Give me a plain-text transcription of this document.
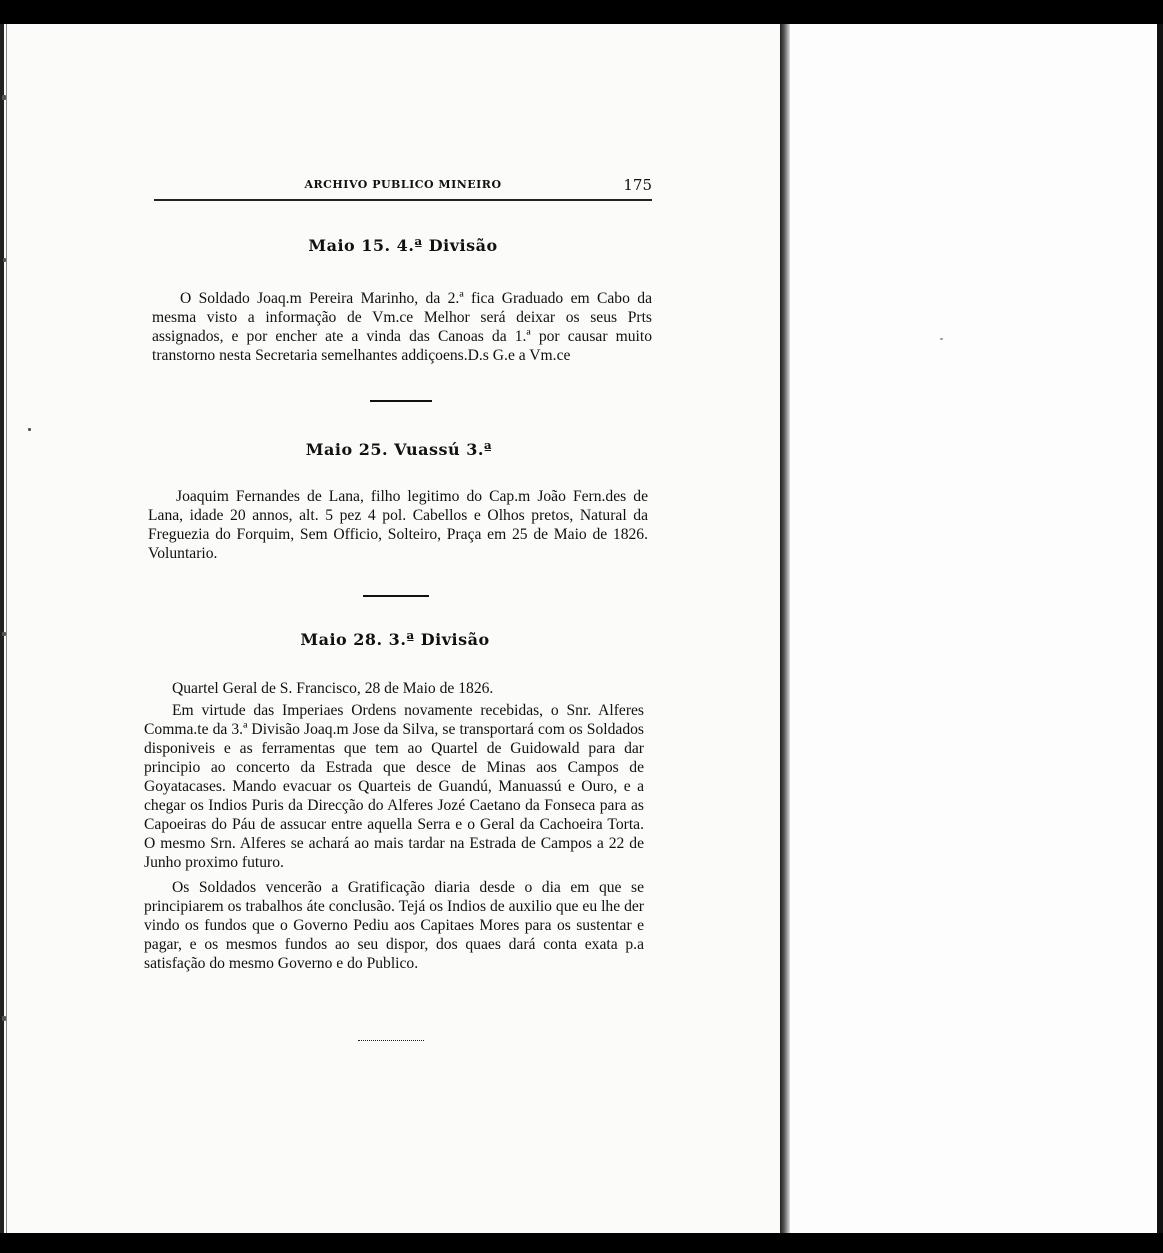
ARCHIVO PUBLICO MINEIRO	175
Maio 15. 4.ª Divisão

O Soldado Joaq.m Pereira Marinho, da 2.ª fica Graduado em Cabo da mesma visto a informação de Vm.ce Melhor será deixar os seus Prts assignados, e por encher ate a vinda das Canoas da 1.ª por causar muito transtorno nesta Secretaria semelhantes addiçoens.D.s G.e a Vm.ce

Maio 25. Vuassú 3.ª

Joaquim Fernandes de Lana, filho legitimo do Cap.m João Fern.des de Lana, idade 20 annos, alt. 5 pez 4 pol. Cabellos e Olhos pretos, Natural da Freguezia do Forquim, Sem Officio, Solteiro, Praça em 25 de Maio de 1826. Voluntario.

Maio 28. 3.ª Divisão

Quartel Geral de S. Francisco, 28 de Maio de 1826.

Em virtude das Imperiaes Ordens novamente recebidas, o Snr. Alferes Comma.te da 3.ª Divisão Joaq.m Jose da Silva, se transportará com os Soldados disponiveis e as ferramentas que tem ao Quartel de Guidowald para dar principio ao concerto da Estrada que desce de Minas aos Campos de Goyatacases. Mando evacuar os Quarteis de Guandú, Manuassú e Ouro, e a chegar os Indios Puris da Direcção do Alferes Jozé Caetano da Fonseca para as Capoeiras do Páu de assucar entre aquella Serra e o Geral da Cachoeira Torta. O mesmo Srn. Alferes se achará ao mais tardar na Estrada de Campos a 22 de Junho proximo futuro.

Os Soldados vencerão a Gratificação diaria desde o dia em que se principiarem os trabalhos áte conclusão. Tejá os Indios de auxilio que eu lhe der vindo os fundos que o Governo Pediu aos Capitaes Mores para os sustentar e pagar, e os mesmos fundos ao seu dispor, dos quaes dará conta exata p.a satisfação do mesmo Governo e do Publico.
